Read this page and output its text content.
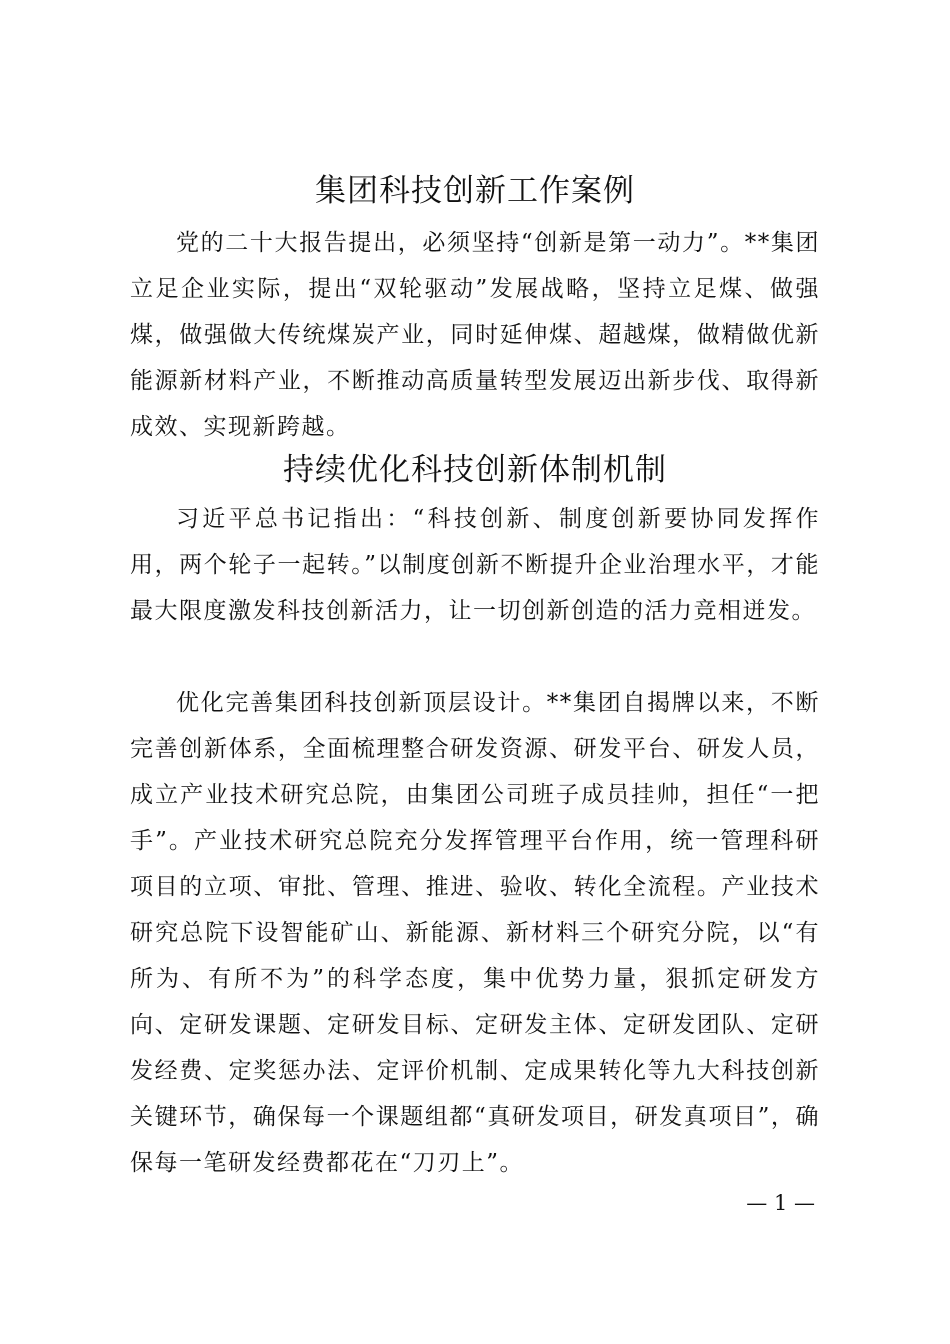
集团科技创新工作案例

党的二十大报告提出，必须坚持“创新是第一动力”。**集团立足企业实际，提出“双轮驱动”发展战略，坚持立足煤、做强煤，做强做大传统煤炭产业，同时延伸煤、超越煤，做精做优新能源新材料产业，不断推动高质量转型发展迈出新步伐、取得新成效、实现新跨越。

持续优化科技创新体制机制

习近平总书记指出：“科技创新、制度创新要协同发挥作用，两个轮子一起转。”以制度创新不断提升企业治理水平，才能最大限度激发科技创新活力，让一切创新创造的活力竞相迸发。

优化完善集团科技创新顶层设计。**集团自揭牌以来，不断完善创新体系，全面梳理整合研发资源、研发平台、研发人员，成立产业技术研究总院，由集团公司班子成员挂帅，担任“一把手”。产业技术研究总院充分发挥管理平台作用，统一管理科研项目的立项、审批、管理、推进、验收、转化全流程。产业技术研究总院下设智能矿山、新能源、新材料三个研究分院，以“有所为、有所不为”的科学态度，集中优势力量，狠抓定研发方向、定研发课题、定研发目标、定研发主体、定研发团队、定研发经费、定奖惩办法、定评价机制、定成果转化等九大科技创新关键环节，确保每一个课题组都“真研发项目，研发真项目”，确保每一笔研发经费都花在“刀刃上”。

— 1 —
